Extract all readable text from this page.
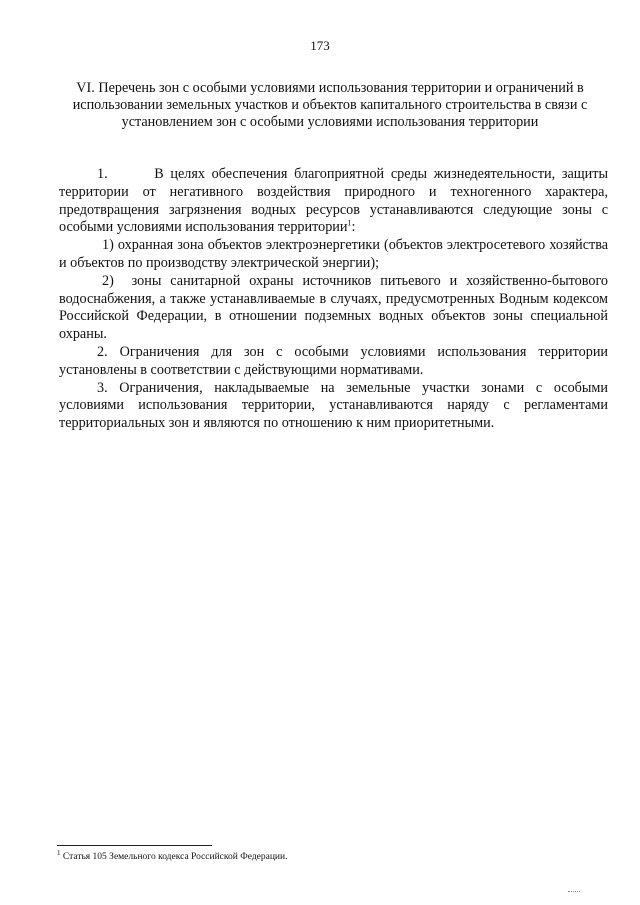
173
VI. Перечень зон с особыми условиями использования территории и ограничений в использовании земельных участков и объектов капитального строительства в связи с установлением зон с особыми условиями использования территории

1.	В целях обеспечения благоприятной среды жизнедеятельности, защиты территории от негативного воздействия природного и техногенного характера, предотвращения загрязнения водных ресурсов устанавливаются следующие зоны с особыми условиями использования территории$^1$:

1) охранная зона объектов электроэнергетики (объектов электросетевого хозяйства и объектов по производству электрической энергии);

2) зоны санитарной охраны источников питьевого и хозяйственно-бытового водоснабжения, а также устанавливаемые в случаях, предусмотренных Водным кодексом Российской Федерации, в отношении подземных водных объектов зоны специальной охраны.

2. Ограничения для зон с особыми условиями использования территории установлены в соответствии с действующими нормативами.

3. Ограничения, накладываемые на земельные участки зонами с особыми условиями использования территории, устанавливаются наряду с регламентами территориальных зон и являются по отношению к ним приоритетными.

$^1$ Статья 105 Земельного кодекса Российской Федерации.
